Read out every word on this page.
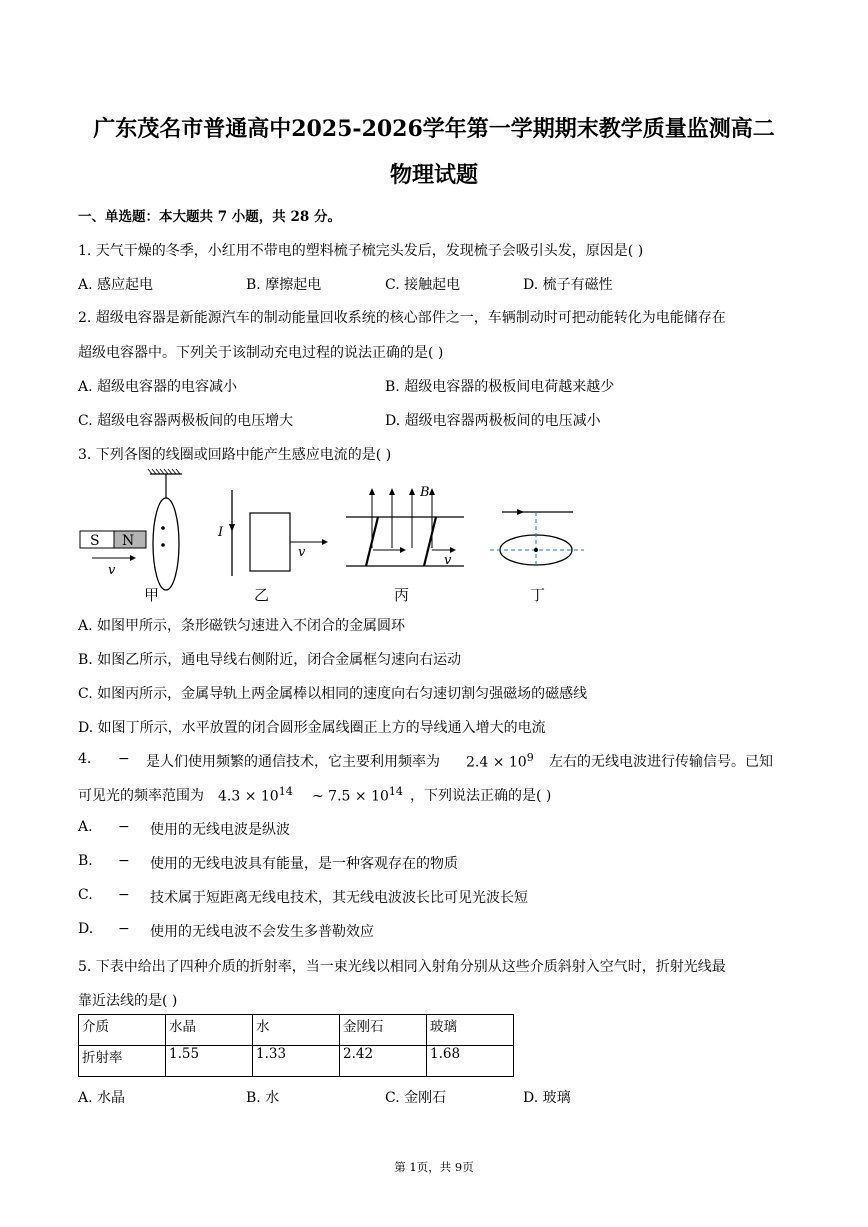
广东茂名市普通高中2025-2026学年第一学期期末教学质量监测高二
物理试题
一、单选题：本大题共 7 小题，共 28 分。
1. 天气干燥的冬季，小红用不带电的塑料梳子梳完头发后，发现梳子会吸引头发，原因是( )
A. 感应起电	B. 摩擦起电	C. 接触起电	D. 梳子有磁性
2. 超级电容器是新能源汽车的制动能量回收系统的核心部件之一，车辆制动时可把动能转化为电能储存在
超级电容器中。下列关于该制动充电过程的说法正确的是( )
A. 超级电容器的电容减小	B. 超级电容器的极板间电荷越来越少
C. 超级电容器两极板间的电压增大	D. 超级电容器两极板间的电压减小
3. 下列各图的线圈或回路中能产生感应电流的是( )
S N
v
甲
I
v
乙
B
v
丙	丁
A. 如图甲所示，条形磁铁匀速进入不闭合的金属圆环
B. 如图乙所示，通电导线右侧附近，闭合金属框匀速向右运动
C. 如图丙所示，金属导轨上两金属棒以相同的速度向右匀速切割匀强磁场的磁感线
D. 如图丁所示，水平放置的闭合圆形金属线圈正上方的导线通入增大的电流
4. − 是人们使用频繁的通信技术，它主要利用频率为 $2.4 \times 10^9$ 左右的无线电波进行传输信号。已知
可见光的频率范围为 $4.3 \times 10^{14}$ ~ $7.5 \times 10^{14}$ ，下列说法正确的是( )
A. − 使用的无线电波是纵波
B. − 使用的无线电波具有能量，是一种客观存在的物质
C. − 技术属于短距离无线电技术，其无线电波波长比可见光波长短
D. − 使用的无线电波不会发生多普勒效应
5. 下表中给出了四种介质的折射率，当一束光线以相同入射角分别从这些介质斜射入空气时，折射光线最
靠近法线的是( )
介质	水晶	水	金刚石	玻璃
折射率	1.55	1.33	2.42	1.68
A. 水晶	B. 水	C. 金刚石	D. 玻璃
第 1页，共 9页
